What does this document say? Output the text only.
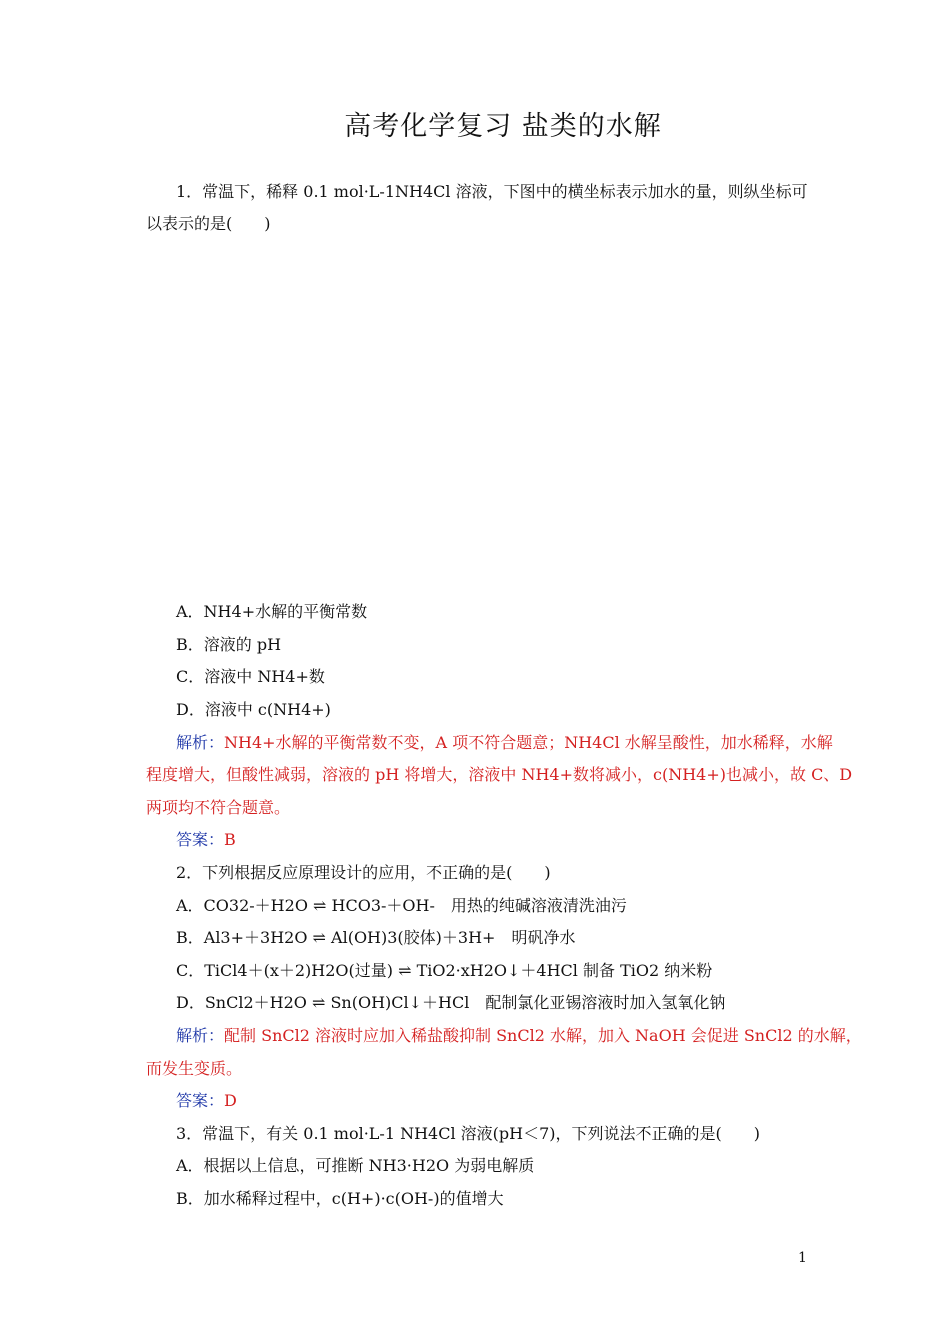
高考化学复习 盐类的水解
1．常温下，稀释 0.1 mol·L-1NH4Cl 溶液，下图中的横坐标表示加水的量，则纵坐标可
以表示的是(　　)
A．NH4+水解的平衡常数
B．溶液的 pH
C．溶液中 NH4+数
D．溶液中 c(NH4+)
解析：NH4+水解的平衡常数不变，A 项不符合题意；NH4Cl 水解呈酸性，加水稀释，水解
程度增大，但酸性减弱，溶液的 pH 将增大，溶液中 NH4+数将减小，c(NH4+)也减小，故 C、D
两项均不符合题意。
答案：B
2．下列根据反应原理设计的应用，不正确的是(　　)
A．CO32-＋H2O ⇌ HCO3-＋OH-　用热的纯碱溶液清洗油污
B．Al3+＋3H2O ⇌ Al(OH)3(胶体)＋3H+　明矾净水
C．TiCl4＋(x＋2)H2O(过量) ⇌ TiO2·xH2O↓＋4HCl 制备 TiO2 纳米粉
D．SnCl2＋H2O ⇌ Sn(OH)Cl↓＋HCl　配制氯化亚锡溶液时加入氢氧化钠
解析：配制 SnCl2 溶液时应加入稀盐酸抑制 SnCl2 水解，加入 NaOH 会促进 SnCl2 的水解，
而发生变质。
答案：D
3．常温下，有关 0.1 mol·L-1 NH4Cl 溶液(pH＜7)，下列说法不正确的是(　　)
A．根据以上信息，可推断 NH3·H2O 为弱电解质
B．加水稀释过程中，c(H+)·c(OH-)的值增大
1
